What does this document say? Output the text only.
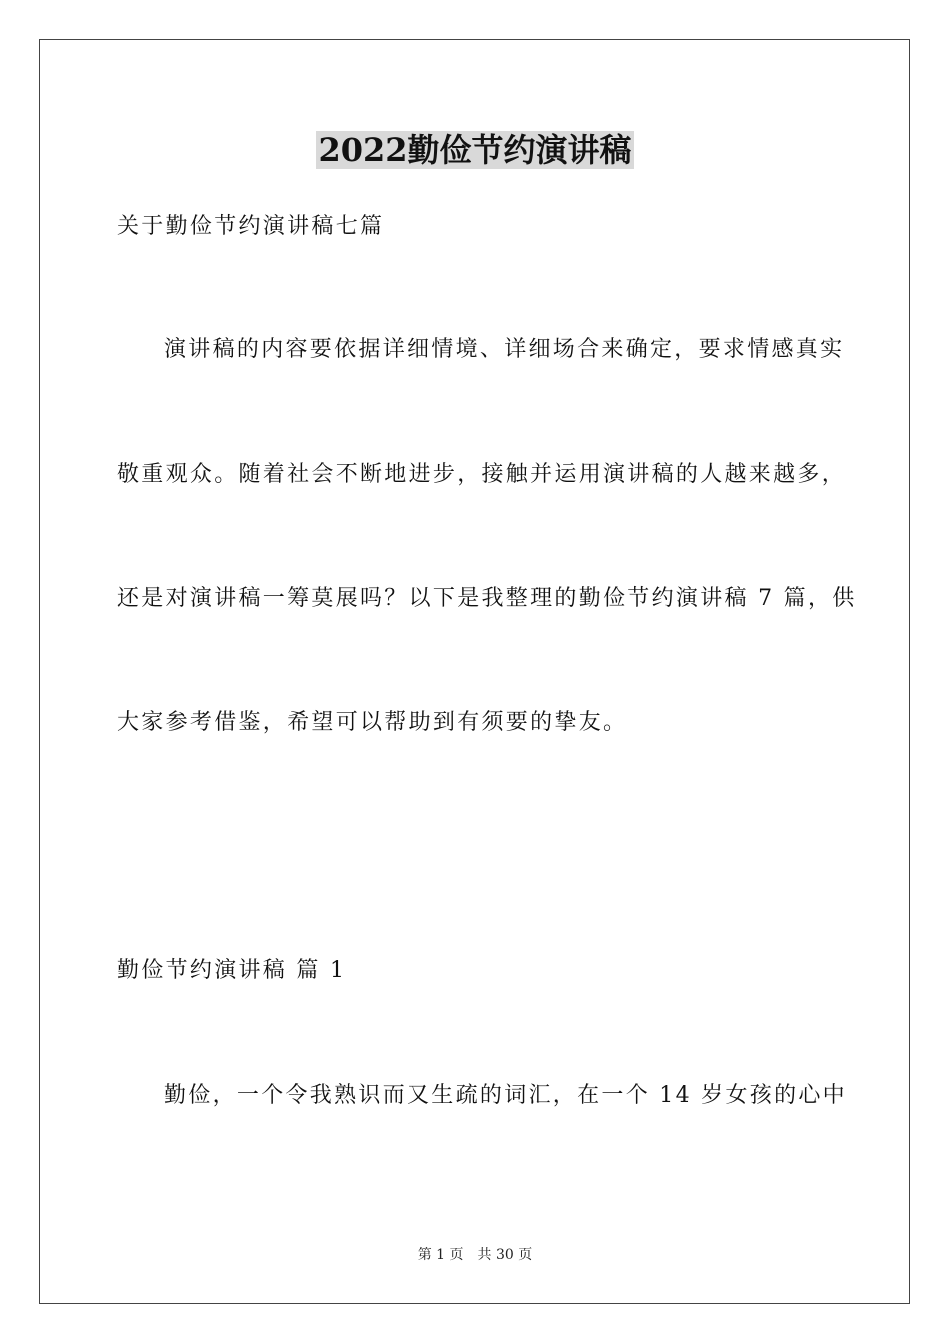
2022勤俭节约演讲稿
关于勤俭节约演讲稿七篇
演讲稿的内容要依据详细情境、详细场合来确定，要求情感真实
敬重观众。随着社会不断地进步，接触并运用演讲稿的人越来越多，
还是对演讲稿一筹莫展吗？以下是我整理的勤俭节约演讲稿 7 篇，供
大家参考借鉴，希望可以帮助到有须要的挚友。
勤俭节约演讲稿 篇 1
勤俭，一个令我熟识而又生疏的词汇，在一个 14 岁女孩的心中
第 1 页 共 30 页
